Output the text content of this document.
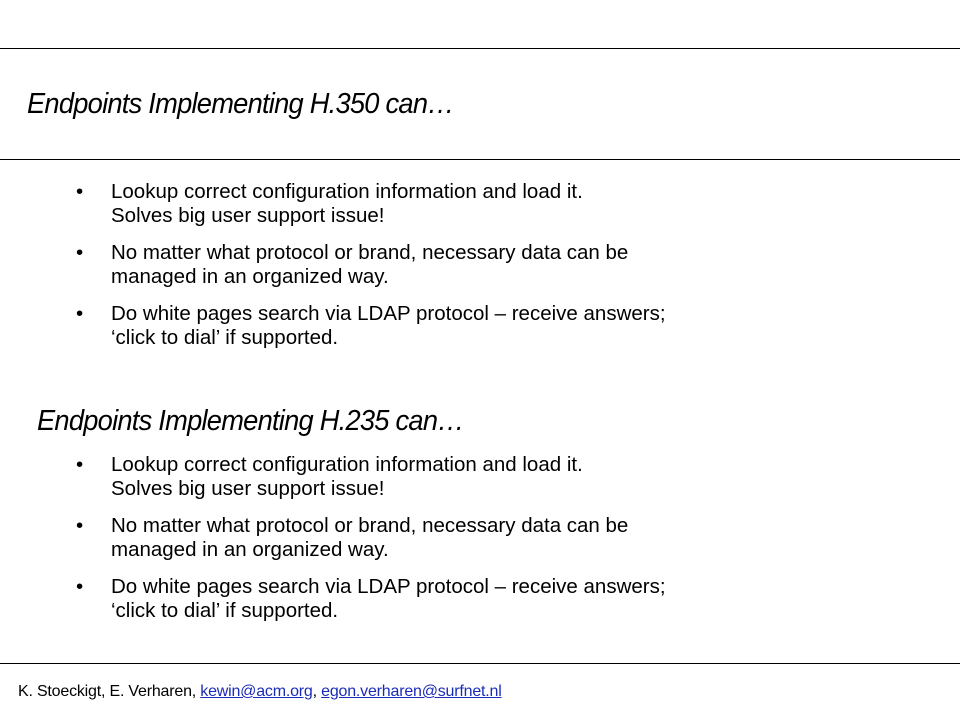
Endpoints Implementing H.350 can…
• Lookup correct configuration information and load it.
Solves big user support issue!
• No matter what protocol or brand, necessary data can be
managed in an organized way.
• Do white pages search via LDAP protocol – receive answers;
‘click to dial’ if supported.
Endpoints Implementing H.235 can…
• Lookup correct configuration information and load it.
Solves big user support issue!
• No matter what protocol or brand, necessary data can be
managed in an organized way.
• Do white pages search via LDAP protocol – receive answers;
‘click to dial’ if supported.
K. Stoeckigt, E. Verharen, kewin@acm.org, egon.verharen@surfnet.nl
